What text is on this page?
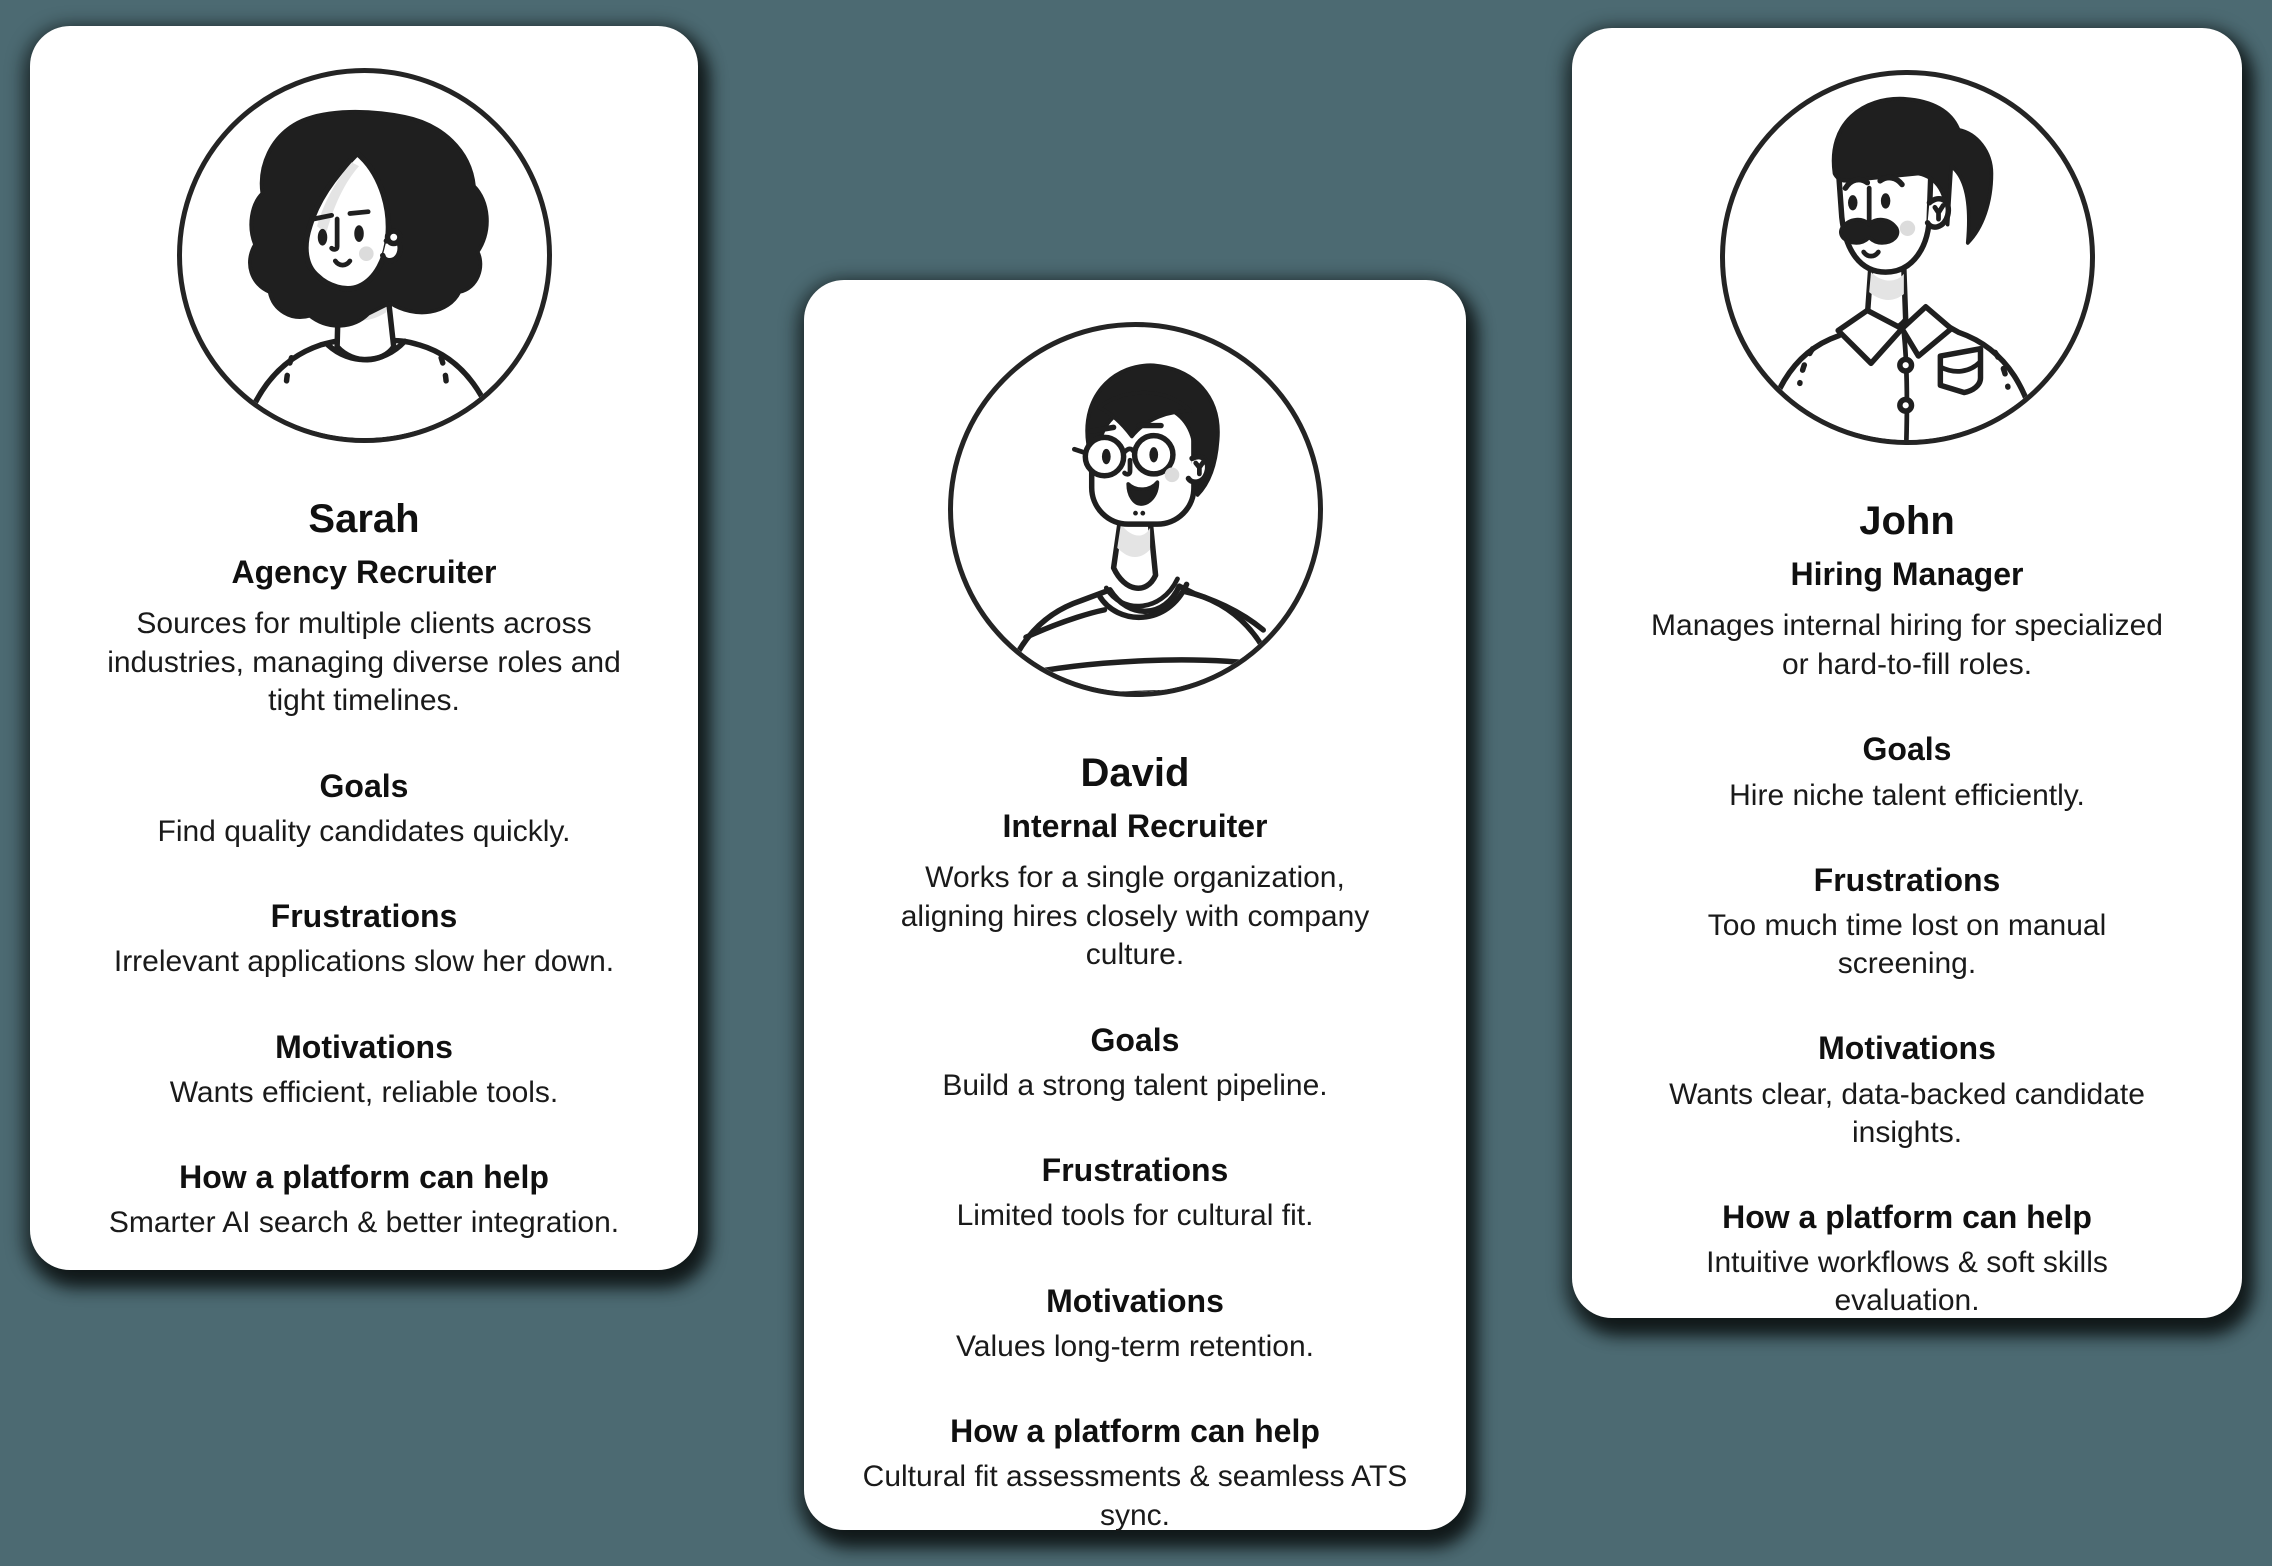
Sarah
Agency Recruiter

Sources for multiple clients across industries, managing diverse roles and tight timelines.

Goals

Find quality candidates quickly.

Frustrations

Irrelevant applications slow her down.

Motivations

Wants efficient, reliable tools.

How a platform can help

Smarter AI search & better integration.

David
Internal Recruiter

Works for a single organization, aligning hires closely with company culture.

Goals

Build a strong talent pipeline.

Frustrations

Limited tools for cultural fit.

Motivations

Values long-term retention.

How a platform can help

Cultural fit assessments & seamless ATS sync.

John
Hiring Manager

Manages internal hiring for specialized or hard-to-fill roles.

Goals

Hire niche talent efficiently.

Frustrations

Too much time lost on manual screening.

Motivations

Wants clear, data-backed candidate insights.

How a platform can help

Intuitive workflows & soft skills evaluation.
